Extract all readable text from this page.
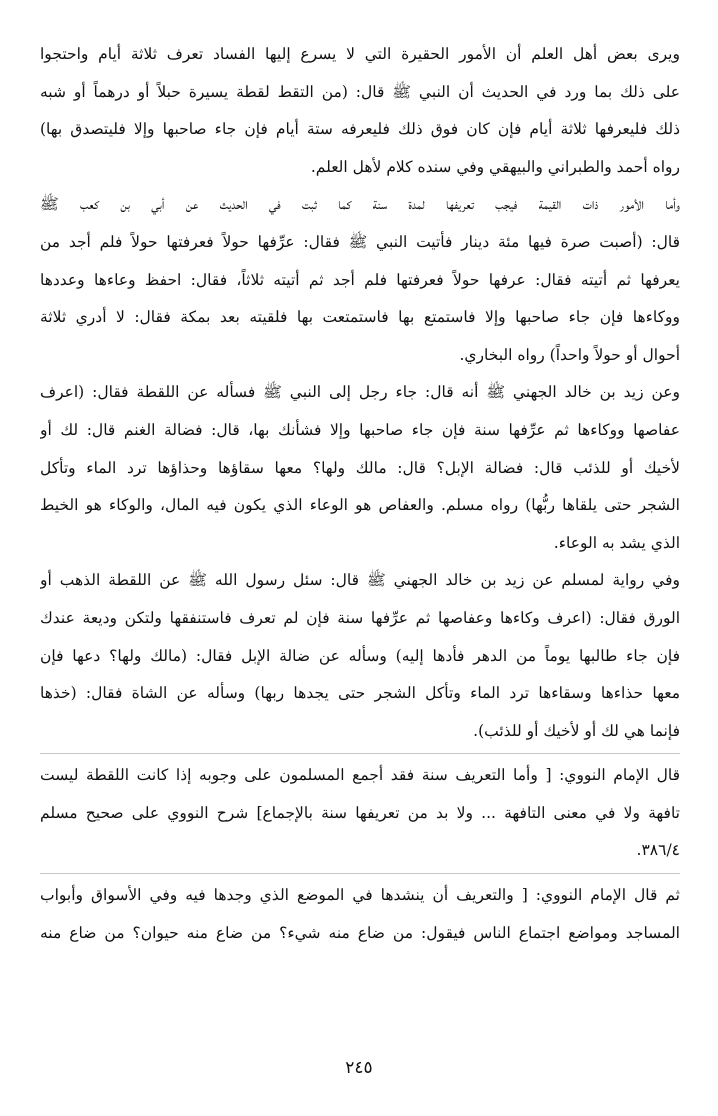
ويرى بعض أهل العلم أن الأمور الحقيرة التي لا يسرع إليها الفساد تعرف ثلاثة أيام واحتجوا
على ذلك بما ورد في الحديث أن النبي ﷺ قال: (من التقط لقطة يسيرة حبلاً أو درهماً أو شبه
ذلك فليعرفها ثلاثة أيام فإن كان فوق ذلك فليعرفه ستة أيام فإن جاء صاحبها وإلا فليتصدق بها)
رواه أحمد والطبراني والبيهقي وفي سنده كلام لأهل العلم.
وأما الأمور ذات القيمة فيجب تعريفها لمدة سنة كما ثبت في الحديث عن أبي بن كعب ﷺ
قال: (أصبت صرة فيها مئة دينار فأتيت النبي ﷺ فقال: عرِّفها حولاً فعرفتها حولاً فلم أجد من
يعرفها ثم أتيته فقال: عرفها حولاً فعرفتها فلم أجد ثم أتيته ثلاثاً، فقال: احفظ وعاءها وعددها
ووكاءها فإن جاء صاحبها وإلا فاستمتع بها فاستمتعت بها فلقيته بعد بمكة فقال: لا أدري ثلاثة
أحوال أو حولاً واحداً) رواه البخاري.
وعن زيد بن خالد الجهني ﷺ أنه قال: جاء رجل إلى النبي ﷺ فسأله عن اللقطة فقال: (اعرف
عفاصها ووكاءها ثم عرِّفها سنة فإن جاء صاحبها وإلا فشأنك بها، قال: فضالة الغنم قال: لك أو
لأخيك أو للذئب قال: فضالة الإبل؟ قال: مالك ولها؟ معها سقاؤها وحذاؤها ترد الماء وتأكل
الشجر حتى يلقاها ربُّها) رواه مسلم. والعفاص هو الوعاء الذي يكون فيه المال، والوكاء هو الخيط
الذي يشد به الوعاء.
وفي رواية لمسلم عن زيد بن خالد الجهني ﷺ قال: سئل رسول الله ﷺ عن اللقطة الذهب أو
الورق فقال: (اعرف وكاءها وعفاصها ثم عرِّفها سنة فإن لم تعرف فاستنفقها ولتكن وديعة عندك
فإن جاء طالبها يوماً من الدهر فأدها إليه) وسأله عن ضالة الإبل فقال: (مالك ولها؟ دعها فإن
معها حذاءها وسقاءها ترد الماء وتأكل الشجر حتى يجدها ربها) وسأله عن الشاة فقال: (خذها
فإنما هي لك أو لأخيك أو للذئب).
قال الإمام النووي: [ وأما التعريف سنة فقد أجمع المسلمون على وجوبه إذا كانت اللقطة ليست
تافهة ولا في معنى التافهة ... ولا بد من تعريفها سنة بالإجماع] شرح النووي على صحيح مسلم
٣٨٦/٤.
ثم قال الإمام النووي: [ والتعريف أن ينشدها في الموضع الذي وجدها فيه وفي الأسواق وأبواب
المساجد ومواضع اجتماع الناس فيقول: من ضاع منه شيء؟ من ضاع منه حيوان؟ من ضاع منه
٢٤٥
